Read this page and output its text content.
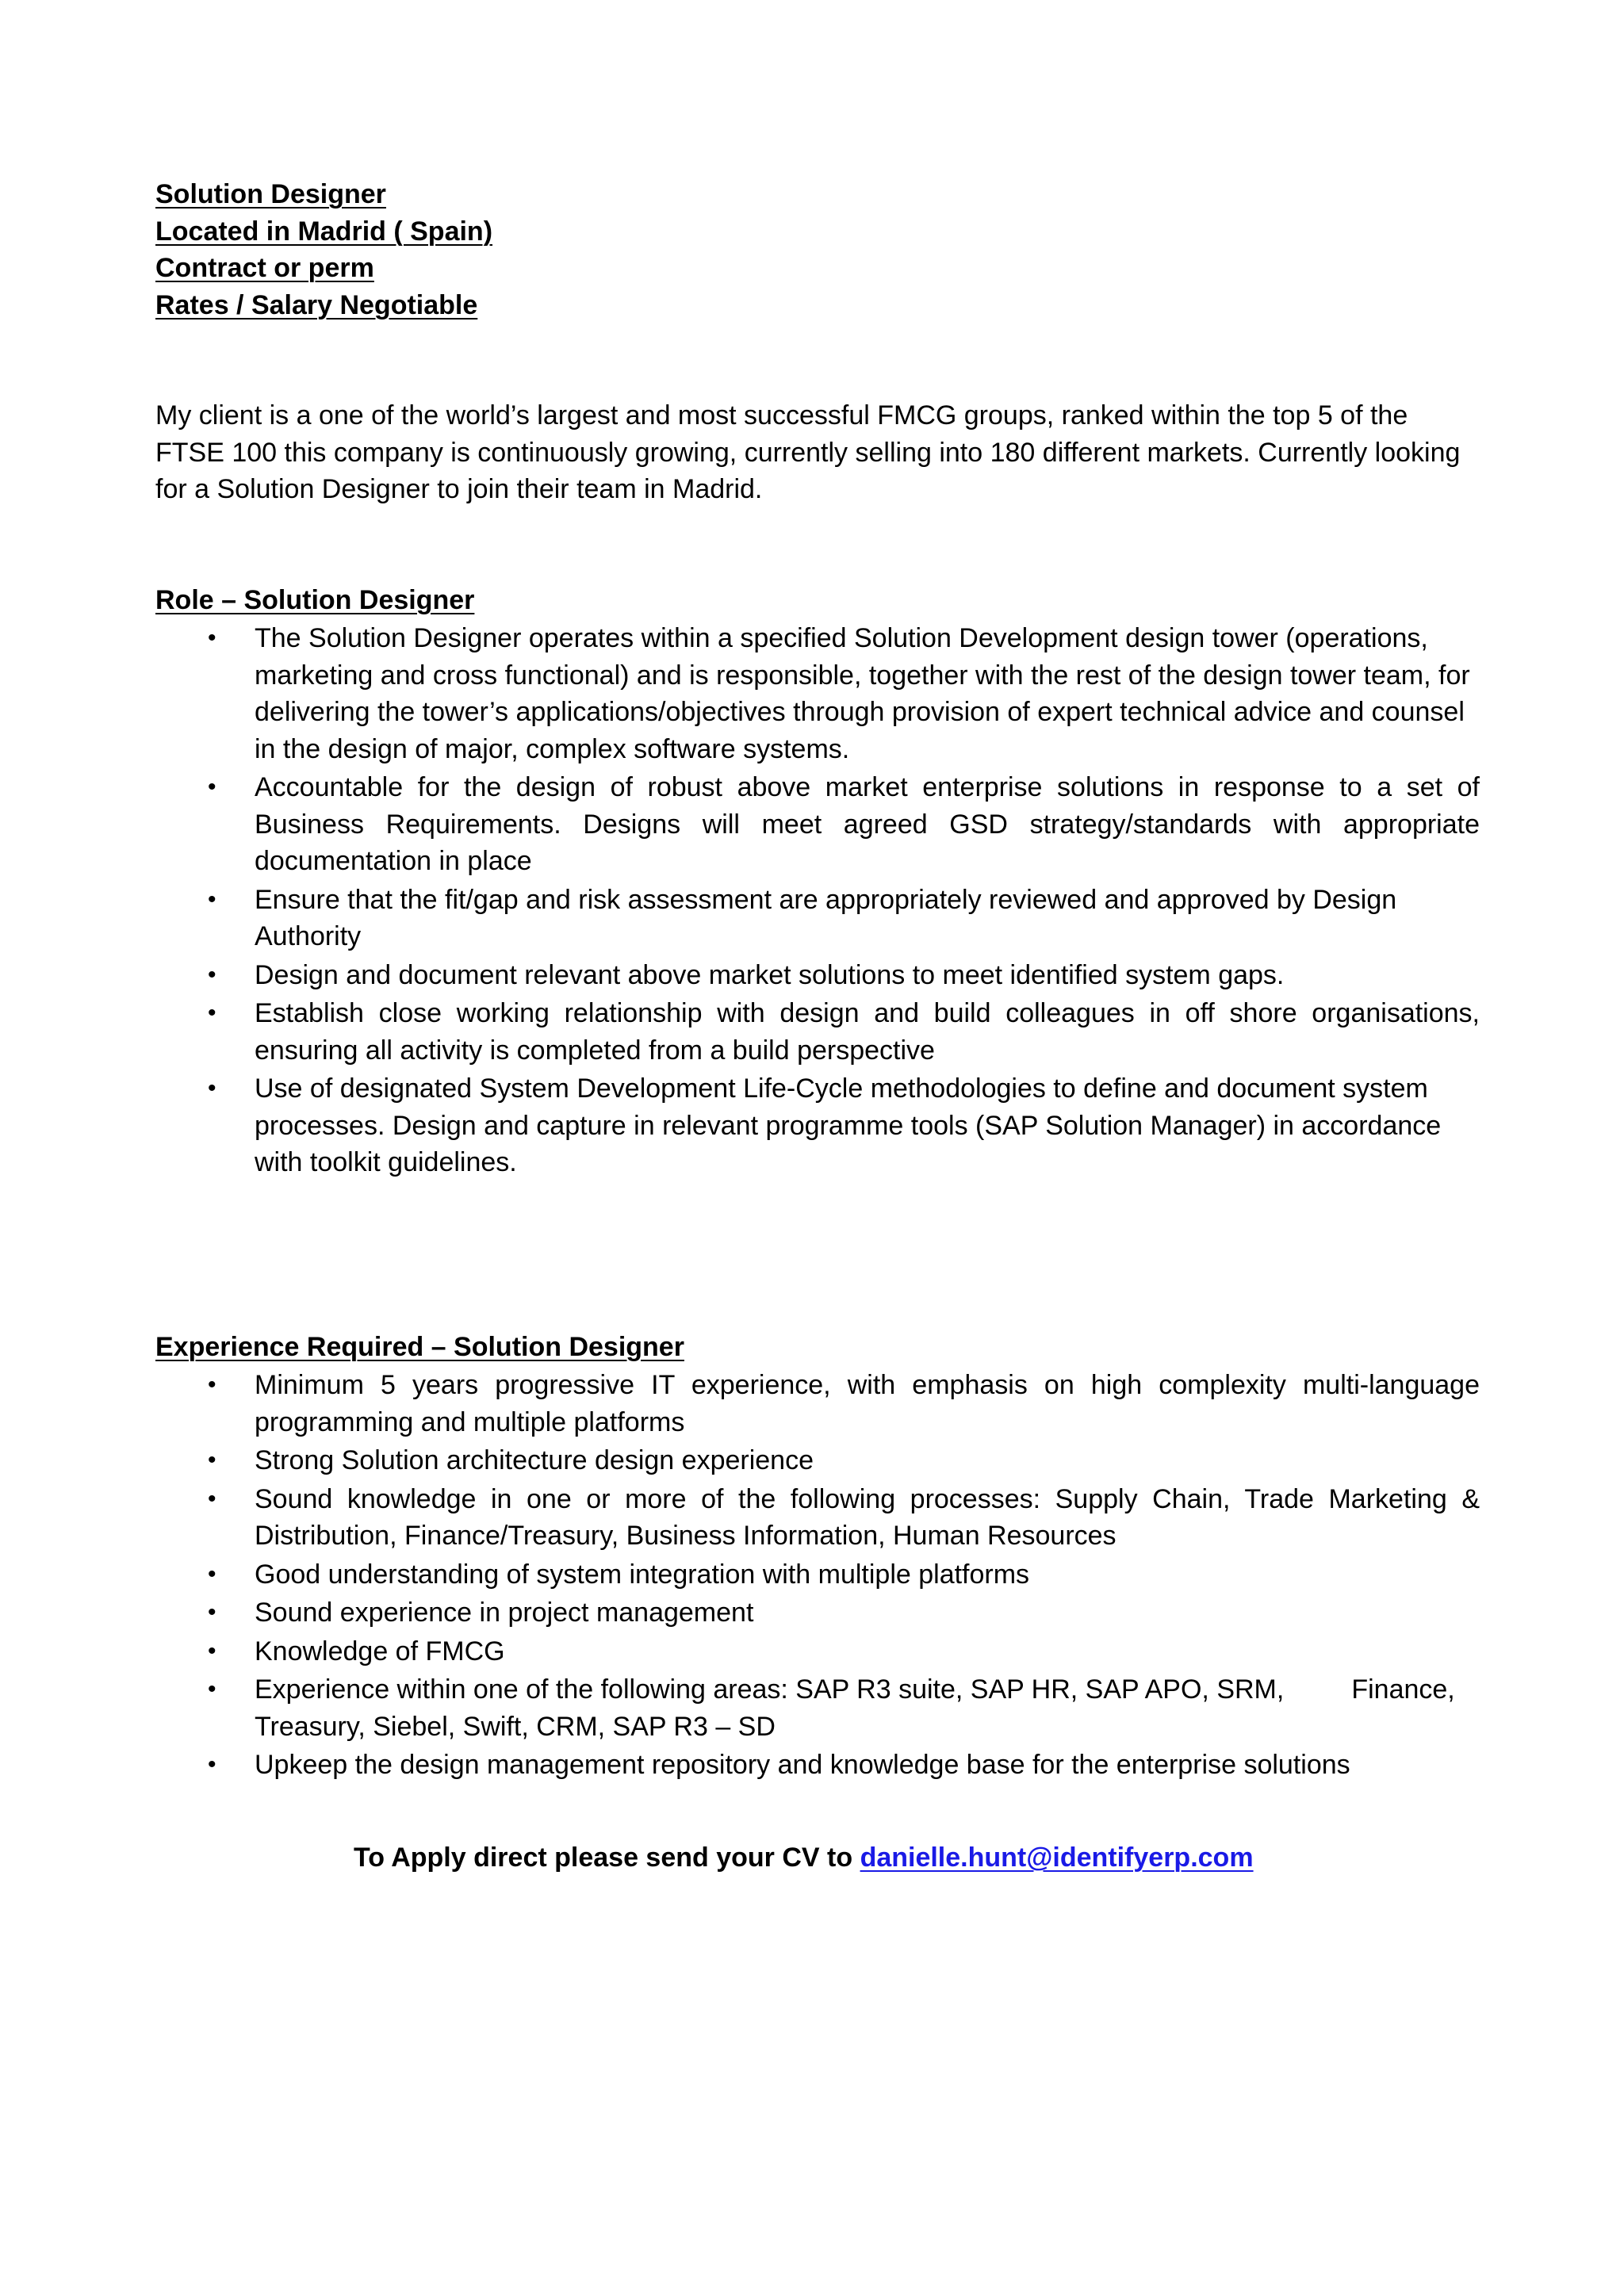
Solution Designer
Located in Madrid ( Spain)
Contract or perm
Rates / Salary Negotiable

My client is a one of the world’s largest and most successful FMCG groups, ranked within the top 5 of the FTSE 100 this company is continuously growing, currently selling into 180 different markets. Currently looking for a Solution Designer to join their team in Madrid.

Role – Solution Designer
• The Solution Designer operates within a specified Solution Development design tower (operations, marketing and cross functional) and is responsible, together with the rest of the design tower team, for delivering the tower’s applications/objectives through provision of expert technical advice and counsel in the design of major, complex software systems.
• Accountable for the design of robust above market enterprise solutions in response to a set of Business Requirements. Designs will meet agreed GSD strategy/standards with appropriate documentation in place
• Ensure that the fit/gap and risk assessment are appropriately reviewed and approved by Design Authority
• Design and document relevant above market solutions to meet identified system gaps.
• Establish close working relationship with design and build colleagues in off shore organisations, ensuring all activity is completed from a build perspective
• Use of designated System Development Life-Cycle methodologies to define and document system processes. Design and capture in relevant programme tools (SAP Solution Manager) in accordance with toolkit guidelines.
Experience Required – Solution Designer
• Minimum 5 years progressive IT experience, with emphasis on high complexity multi-language programming and multiple platforms
• Strong Solution architecture design experience
• Sound knowledge in one or more of the following processes: Supply Chain, Trade Marketing & Distribution, Finance/Treasury, Business Information, Human Resources
• Good understanding of system integration with multiple platforms
• Sound experience in project management
• Knowledge of FMCG
• Experience within one of the following areas: SAP R3 suite, SAP HR, SAP APO, SRM,         Finance, Treasury, Siebel, Swift, CRM, SAP R3 – SD
• Upkeep the design management repository and knowledge base for the enterprise solutions
To Apply direct please send your CV to danielle.hunt@identifyerp.com
